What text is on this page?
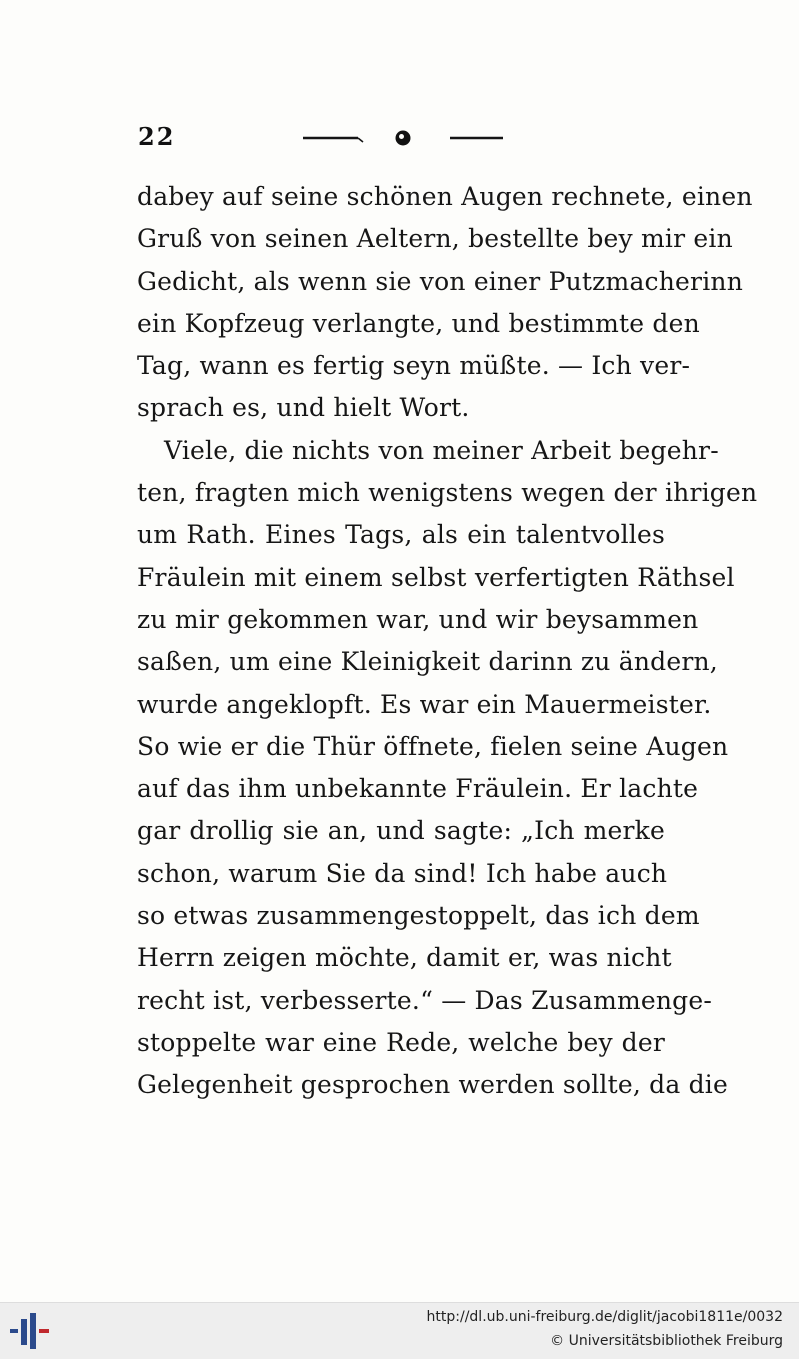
22
dabey auf seine schönen Augen rechnete, einen
Gruß von seinen Aeltern, bestellte bey mir ein
Gedicht, als wenn sie von einer Putzmacherinn
ein Kopfzeug verlangte, und bestimmte den
Tag, wann es fertig seyn müßte. — Ich ver-
sprach es, und hielt Wort.
Viele, die nichts von meiner Arbeit begehr-
ten, fragten mich wenigstens wegen der ihrigen
um Rath. Eines Tags, als ein talentvolles
Fräulein mit einem selbst verfertigten Räthsel
zu mir gekommen war, und wir beysammen
saßen, um eine Kleinigkeit darinn zu ändern,
wurde angeklopft. Es war ein Mauermeister.
So wie er die Thür öffnete, fielen seine Augen
auf das ihm unbekannte Fräulein. Er lachte
gar drollig sie an, und sagte: „Ich merke
schon, warum Sie da sind! Ich habe auch
so etwas zusammengestoppelt, das ich dem
Herrn zeigen möchte, damit er, was nicht
recht ist, verbesserte.“ — Das Zusammenge-
stoppelte war eine Rede, welche bey der
Gelegenheit gesprochen werden sollte, da die
http://dl.ub.uni-freiburg.de/diglit/jacobi1811e/0032
© Universitätsbibliothek Freiburg
